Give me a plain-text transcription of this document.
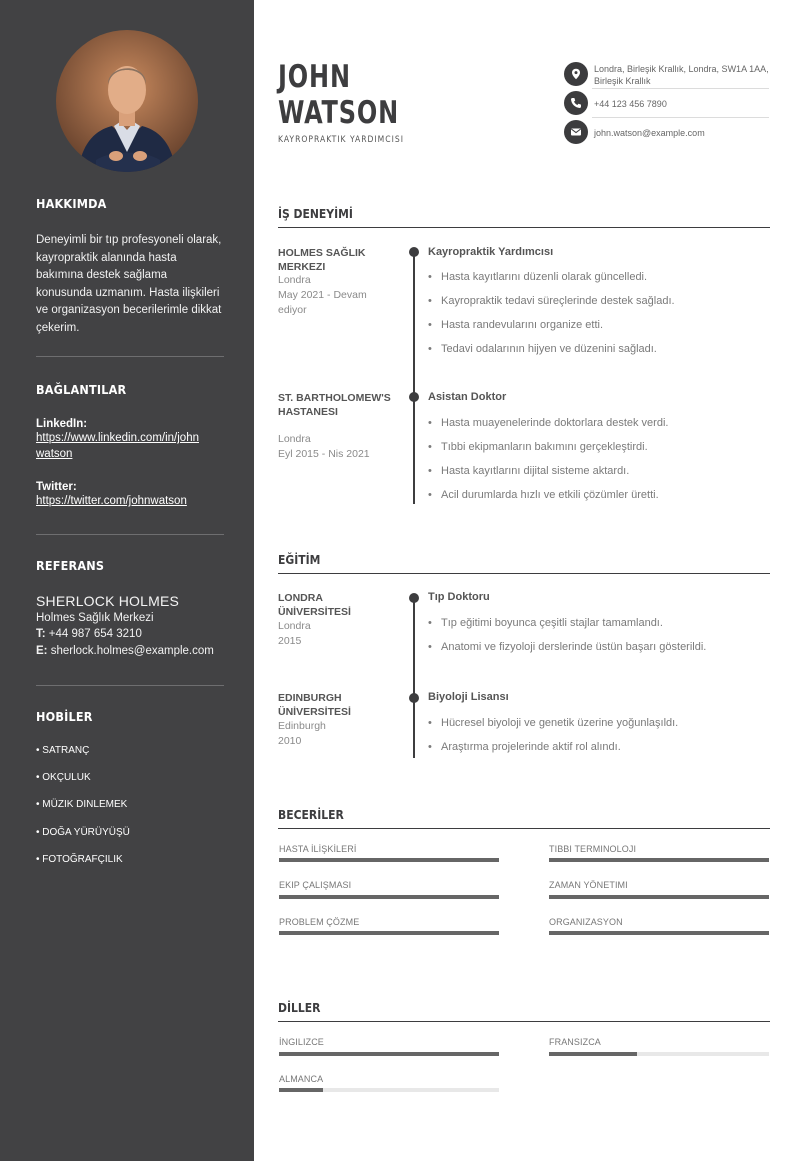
HAKKIMDA
Deneyimli bir tıp profesyoneli olarak, kayropraktik alanında hasta bakımına destek sağlama konusunda uzmanım. Hasta ilişkileri ve organizasyon becerilerimle dikkat çekerim.
BAĞLANTILAR
LinkedIn:
https://www.linkedin.com/in/john watson
Twitter:
https://twitter.com/johnwatson
REFERANS
SHERLOCK HOLMES
Holmes Sağlık Merkezi
T: +44 987 654 3210
E: sherlock.holmes@example.com
HOBİLER
• SATRANÇ
• OKÇULUK
• MÜZIK DINLEMEK
• DOĞA YÜRÜYÜŞÜ
• FOTOĞRAFÇILIK
JOHN
WATSON
KAYROPRAKTIK YARDIMCISI
Londra, Birleşik Krallık, Londra, SW1A 1AA, Birleşik Krallık
+44 123 456 7890
john.watson@example.com
İŞ DENEYİMİ
HOLMES SAĞLIK MERKEZI
Londra
May 2021 - Devam ediyor
Kayropraktik Yardımcısı
• Hasta kayıtlarını düzenli olarak güncelledi.
• Kayropraktik tedavi süreçlerinde destek sağladı.
• Hasta randevularını organize etti.
• Tedavi odalarının hijyen ve düzenini sağladı.
ST. BARTHOLOMEW'S HASTANESI
Londra
Eyl 2015 - Nis 2021
Asistan Doktor
• Hasta muayenelerinde doktorlara destek verdi.
• Tıbbi ekipmanların bakımını gerçekleştirdi.
• Hasta kayıtlarını dijital sisteme aktardı.
• Acil durumlarda hızlı ve etkili çözümler üretti.
EĞİTİM
LONDRA ÜNİVERSİTESİ
Londra
2015
Tıp Doktoru
• Tıp eğitimi boyunca çeşitli stajlar tamamlandı.
• Anatomi ve fizyoloji derslerinde üstün başarı gösterildi.
EDINBURGH ÜNİVERSİTESİ
Edinburgh
2010
Biyoloji Lisansı
• Hücresel biyoloji ve genetik üzerine yoğunlaşıldı.
• Araştırma projelerinde aktif rol alındı.
BECERİLER
HASTA İLİŞKİLERİ	TIBBI TERMINOLOJI
EKIP ÇALIŞMASI	ZAMAN YÖNETIMI
PROBLEM ÇÖZME	ORGANIZASYON
DİLLER
İNGILIZCE	FRANSIZCA
ALMANCA
